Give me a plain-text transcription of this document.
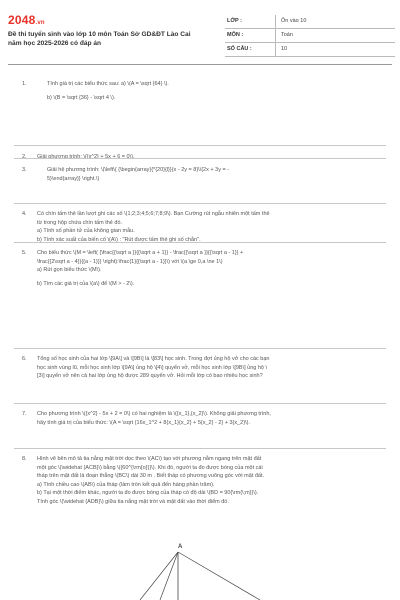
2048.vn
Đề thi tuyển sinh vào lớp 10 môn Toán Sở GD&ĐT Lào Cai
năm học 2025-2026 có đáp án
LỚP :	Ôn vào 10
MÔN :	Toán
SỐ CÂU :	10
1.	Tính giá trị các biểu thức sau: a) \(A = \sqrt {64} \).
b) \(B = \sqrt {36} - \sqrt 4 \).
2. Giải phương trình: \({x^2} + 5x + 6 = 0\).
3.	Giải hệ phương trình: \(\left\{ {\begin{array}{*{20}{l}}{x - 2y = 8}\\{2x + 3y = -
5}\end{array}} \right.\)
4. Có chín tấm thẻ lần lượt ghi các số \(1;2;3;4;5;6;7;8;9\). Bạn Cường rút ngẫu nhiên một tấm thẻ
từ trong hộp chứa chín tấm thẻ đó.
a) Tính số phần tử của không gian mẫu.
b) Tính xác suất của biến cố \(A\) : "Rút được tấm thẻ ghi số chẵn".
5. Cho biểu thức \(M = \left( {\frac{{\sqrt a }}{{\sqrt a + 1}} - \frac{{\sqrt a }}{{\sqrt a - 1}} +
\frac{{2\sqrt a - 4}}{{a - 1}}} \right):\frac{1}{{\sqrt a - 1}}\) với \(a \ge 0,a \ne 1\)
a) Rút gọn biểu thức \(M\).
b) Tìm các giá trị của \(a\) để \(M > - 2\).
6. Tổng số học sinh của hai lớp \[9A\] và \[9B\] là \[83\] học sinh. Trong đợt ủng hộ vở cho các bạn
học sinh vùng lũ, mỗi học sinh lớp \[9A\] ủng hộ \[4\] quyển vở, mỗi học sinh lớp \[9B\] ủng hộ \
[3\] quyển vở nên cả hai lớp ủng hộ được 289 quyển vở. Hỏi mỗi lớp có bao nhiêu học sinh?
7. Cho phương trình \({x^2} - 5x + 2 = 0\) có hai nghiệm là \({x_1},{x_2}\). Không giải phương trình,
hãy tính giá trị của biểu thức: \(A = \sqrt {16x_1^2 + 8{x_1}{x_2} + 5{x_2} - 2} + 3{x_2}\).
8. Hình vẽ bên mô tả tia nắng mặt trời dọc theo \(AC\) tạo với phương nằm ngang trên mặt đất
một góc \(\widehat {ACB}\) bằng \({60^{\rm{o}}}\). Khi đó, người ta đo được bóng của một cái
tháp trên mặt đất là đoạn thẳng \(BC\) dài 30 m . Biết tháp có phương vuông góc với mặt đất.
a) Tính chiều cao \(AB\) của tháp (làm tròn kết quả đến hàng phần trăm).
b) Tại một thời điểm khác, người ta đo được bóng của tháp có độ dài \(BD = 90{\rm{\;m}}\).
Tính góc \(\widehat {ADB}\) giữa tia nắng mặt trời và mặt đất vào thời điểm đó.
A
